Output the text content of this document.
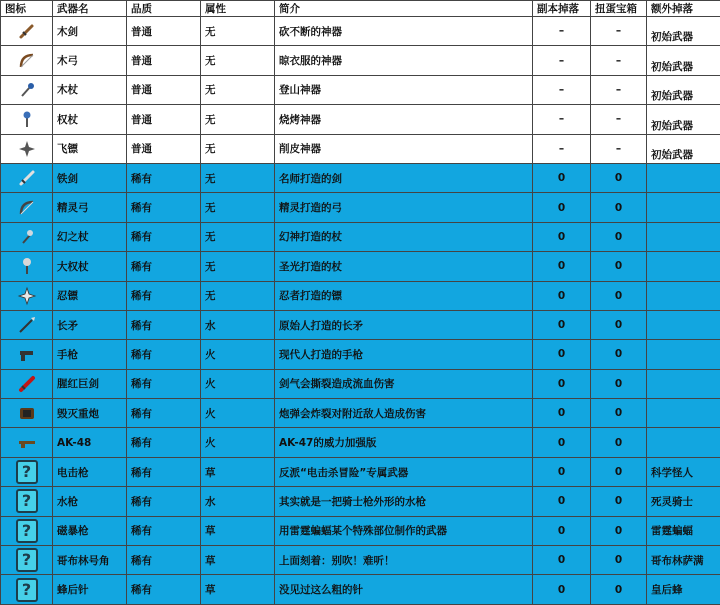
图标	武器名	品质	属性	简介	副本掉落	扭蛋宝箱	额外掉落

	木剑	普通	无	砍不断的神器	–	–	初始武器

	木弓	普通	无	晾衣服的神器	–	–	初始武器

	木杖	普通	无	登山神器	–	–	初始武器

	权杖	普通	无	烧烤神器	–	–	初始武器

	飞镖	普通	无	削皮神器	–	–	初始武器

	铁剑	稀有	无	名师打造的剑	0	0	

	精灵弓	稀有	无	精灵打造的弓	0	0	

	幻之杖	稀有	无	幻神打造的杖	0	0	

	大权杖	稀有	无	圣光打造的杖	0	0	

	忍镖	稀有	无	忍者打造的镖	0	0	

	长矛	稀有	水	原始人打造的长矛	0	0	

	手枪	稀有	火	现代人打造的手枪	0	0	

	腥红巨剑	稀有	火	剑气会撕裂造成流血伤害	0	0	

	毁灭重炮	稀有	火	炮弹会炸裂对附近敌人造成伤害	0	0	

	AK-48	稀有	火	AK-47的威力加强版	0	0	
?	电击枪	稀有	草	反派“电击杀冒险”专属武器	0	0	科学怪人
?	水枪	稀有	水	其实就是一把骑士枪外形的水枪	0	0	死灵骑士
?	磁暴枪	稀有	草	用雷霆蝙蝠某个特殊部位制作的武器	0	0	雷霆蝙蝠
?	哥布林号角	稀有	草	上面刻着：别吹！难听！	0	0	哥布林萨满
?	蜂后针	稀有	草	没见过这么粗的针	0	0	皇后蜂
